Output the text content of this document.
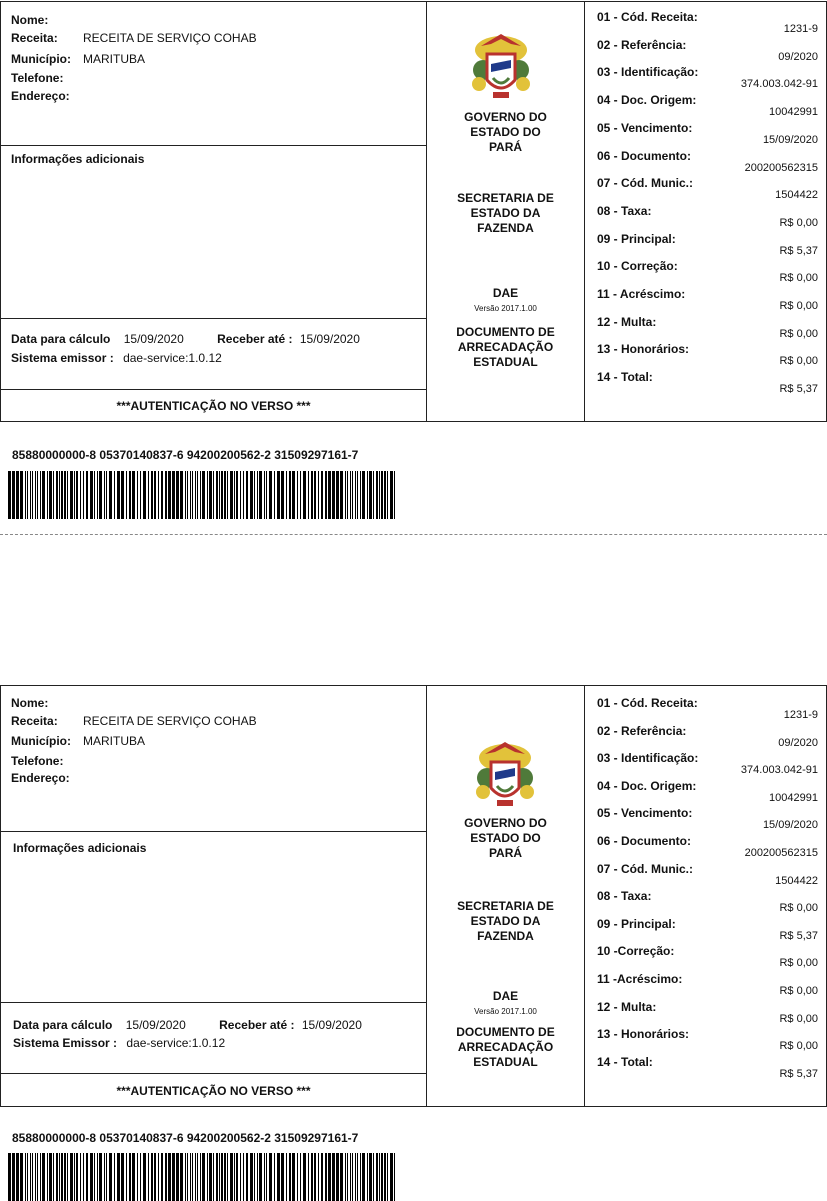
Nome:
Receita: RECEITA DE SERVIÇO COHAB
Município: MARITUBA
Telefone:
Endereço:
Informações adicionais
Data para cálculo 15/09/2020	Receber até : 15/09/2020
Sistema emissor : dae-service:1.0.12
***AUTENTICAÇÃO NO VERSO ***
GOVERNO DO
ESTADO DO
PARÁ
SECRETARIA DE
ESTADO DA
FAZENDA
DAE
Versão 2017.1.00
DOCUMENTO DE
ARRECADAÇÃO
ESTADUAL
01 - Cód. Receita:
1231-9
02 - Referência:
09/2020
03 - Identificação:
374.003.042-91
04 - Doc. Origem:
10042991
05 - Vencimento:
15/09/2020
06 - Documento:
200200562315
07 - Cód. Munic.:
1504422
08 - Taxa:
R$ 0,00
09 - Principal:
R$ 5,37
10 - Correção:
R$ 0,00
11 - Acréscimo:
R$ 0,00
12 - Multa:
R$ 0,00
13 - Honorários:
R$ 0,00
14 - Total:
R$ 5,37
85880000000-8 05370140837-6 94200200562-2 31509297161-7
Nome:
Receita: RECEITA DE SERVIÇO COHAB
Município: MARITUBA
Telefone:
Endereço:
Informações adicionais
Data para cálculo 15/09/2020	Receber até : 15/09/2020
Sistema Emissor : dae-service:1.0.12
***AUTENTICAÇÃO NO VERSO ***
GOVERNO DO
ESTADO DO
PARÁ
SECRETARIA DE
ESTADO DA
FAZENDA
DAE
Versão 2017.1.00
DOCUMENTO DE
ARRECADAÇÃO
ESTADUAL
01 - Cód. Receita:
1231-9
02 - Referência:
09/2020
03 - Identificação:
374.003.042-91
04 - Doc. Origem:
10042991
05 - Vencimento:
15/09/2020
06 - Documento:
200200562315
07 - Cód. Munic.:
1504422
08 - Taxa:
R$ 0,00
09 - Principal:
R$ 5,37
10 -Correção:
R$ 0,00
11 -Acréscimo:
R$ 0,00
12 - Multa:
R$ 0,00
13 - Honorários:
R$ 0,00
14 - Total:
R$ 5,37
85880000000-8 05370140837-6 94200200562-2 31509297161-7
